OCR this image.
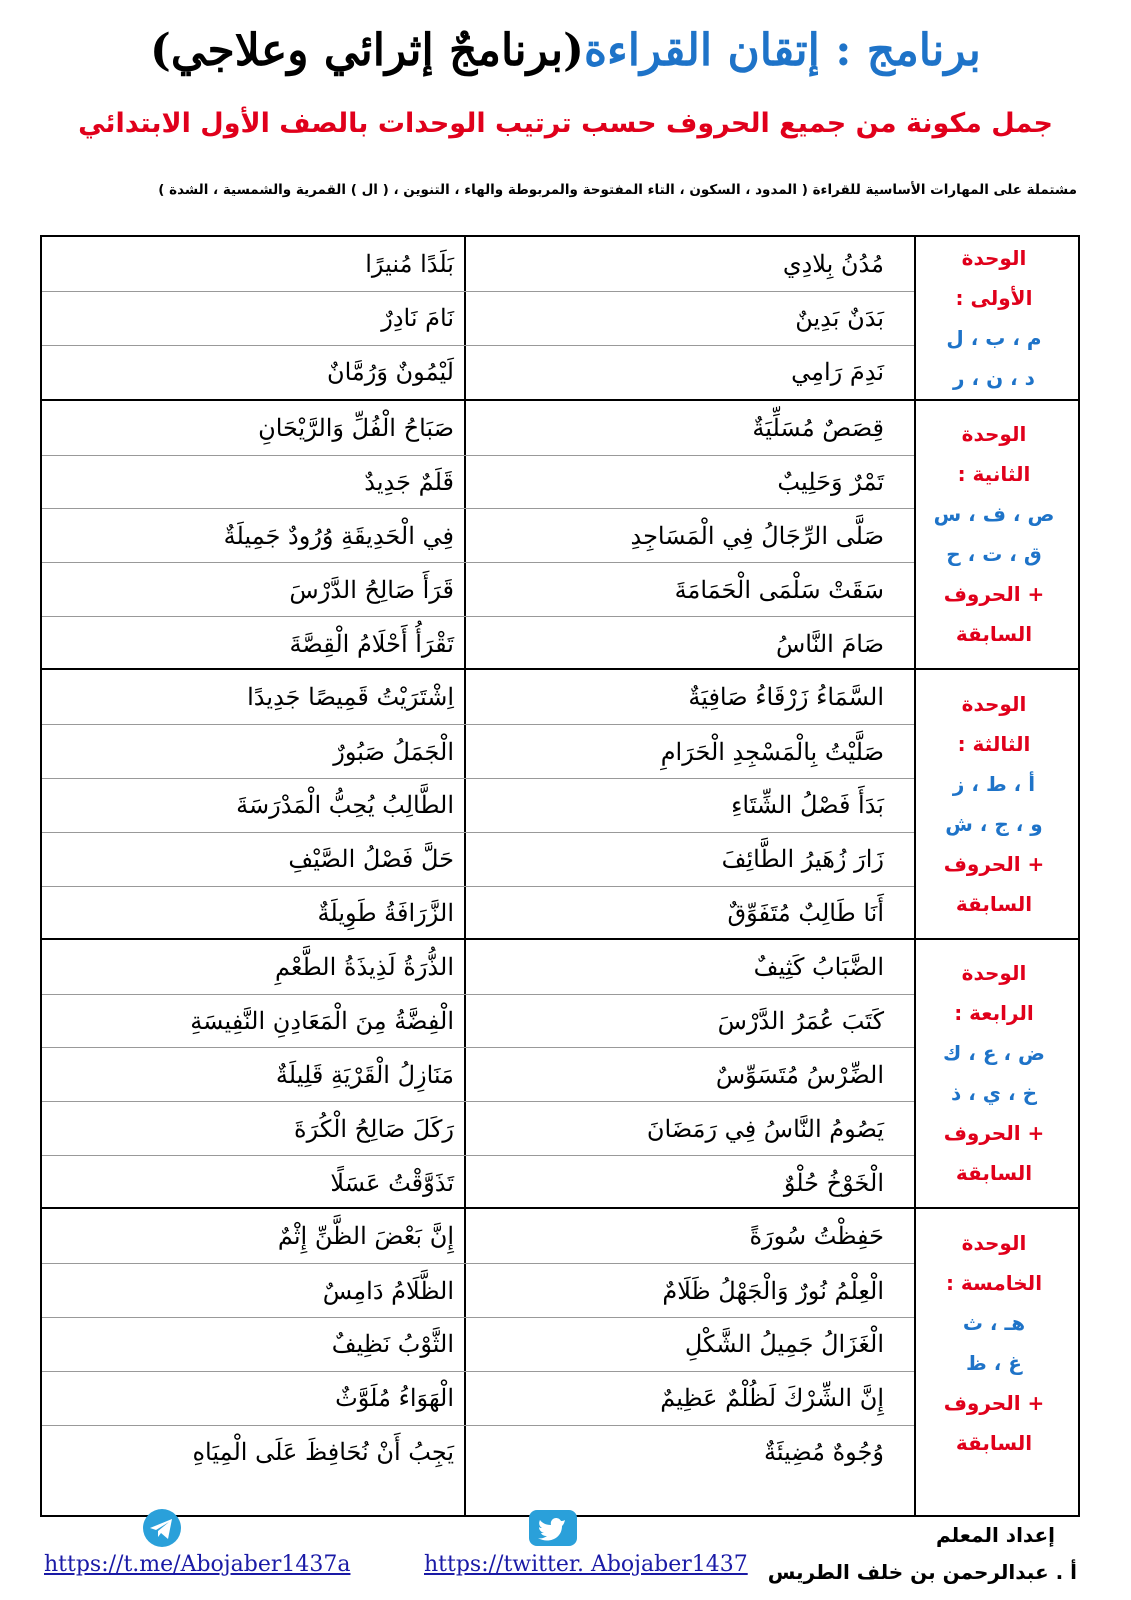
برنامج : إتقان القراءة(برنامجٌ إثرائي وعلاجي)
جمل مكونة من جميع الحروف حسب ترتيب الوحدات بالصف الأول الابتدائي
مشتملة على المهارات الأساسية للقراءة ( المدود ، السكون ، التاء المفتوحة والمربوطة والهاء ، التنوين ، ( ال ) القمرية والشمسية ، الشدة )
الوحدة
الأولى :
م ، ب ، ل
د ، ن ، ر
مُدُنُ بِلادِي
بَلَدًا مُنيرًا
بَدَنٌ بَدِينٌ
نَامَ نَادِرٌ
نَدِمَ رَامِي
لَيْمُونٌ وَرُمَّانٌ
الوحدة
الثانية :
ص ، ف ، س
ق ، ت ، ح
+ الحروف
السابقة
قِصَصٌ مُسَلِّيَةٌ
صَبَاحُ الْفُلِّ وَالرَّيْحَانِ
تَمْرٌ وَحَلِيبٌ
قَلَمٌ جَدِيدٌ
صَلَّى الرِّجَالُ فِي الْمَسَاجِدِ
فِي الْحَدِيقَةِ وُرُودٌ جَمِيلَةٌ
سَقَتْ سَلْمَى الْحَمَامَةَ
قَرَأَ صَالِحُ الدَّرْسَ
صَامَ النَّاسُ
تَقْرَأُ أَحْلَامُ الْقِصَّةَ
الوحدة
الثالثة :
أ ، ط ، ز
و ، ج ، ش
+ الحروف
السابقة
السَّمَاءُ زَرْقَاءُ صَافِيَةٌ
اِشْتَرَيْتُ قَمِيصًا جَدِيدًا
صَلَّيْتُ بِالْمَسْجِدِ الْحَرَامِ
الْجَمَلُ صَبُورٌ
بَدَأَ فَصْلُ الشِّتَاءِ
الطَّالِبُ يُحِبُّ الْمَدْرَسَةَ
زَارَ زُهَيرُ الطَّائِفَ
حَلَّ فَصْلُ الصَّيْفِ
أَنَا طَالِبٌ مُتَفَوِّقٌ
الزَّرَافَةُ طَوِيلَةٌ
الوحدة
الرابعة :
ض ، ع ، ك
خ ، ي ، ذ
+ الحروف
السابقة
الضَّبَابُ كَثِيفٌ
الذُّرَةُ لَذِيذَةُ الطَّعْمِ
كَتَبَ عُمَرُ الدَّرْسَ
الْفِضَّةُ مِنَ الْمَعَادِنِ النَّفِيسَةِ
الضِّرْسُ مُتَسَوِّسٌ
مَنَازِلُ الْقَرْيَةِ قَلِيلَةٌ
يَصُومُ النَّاسُ فِي رَمَضَانَ
رَكَلَ صَالِحُ الْكُرَةَ
الْخَوْخُ حُلْوٌ
تَذَوَّقْتُ عَسَلًا
الوحدة
الخامسة :
هـ ، ث
غ ، ظ
+ الحروف
السابقة
حَفِظْتُ سُورَةً
إِنَّ بَعْضَ الظَّنِّ إِثْمٌ
الْعِلْمُ نُورٌ وَالْجَهْلُ ظَلَامٌ
الظَّلَامُ دَامِسٌ
الْغَزَالُ جَمِيلُ الشَّكْلِ
الثَّوْبُ نَظِيفٌ
إِنَّ الشِّرْكَ لَظُلْمٌ عَظِيمٌ
الْهَوَاءُ مُلَوَّثٌ
وُجُوهٌ مُضِيئَةٌ
يَجِبُ أَنْ نُحَافِظَ عَلَى الْمِيَاهِ
إعداد المعلم
أ . عبدالرحمن بن خلف الطريس
https://t.me/Abojaber1437a	https://twitter. Abojaber1437
